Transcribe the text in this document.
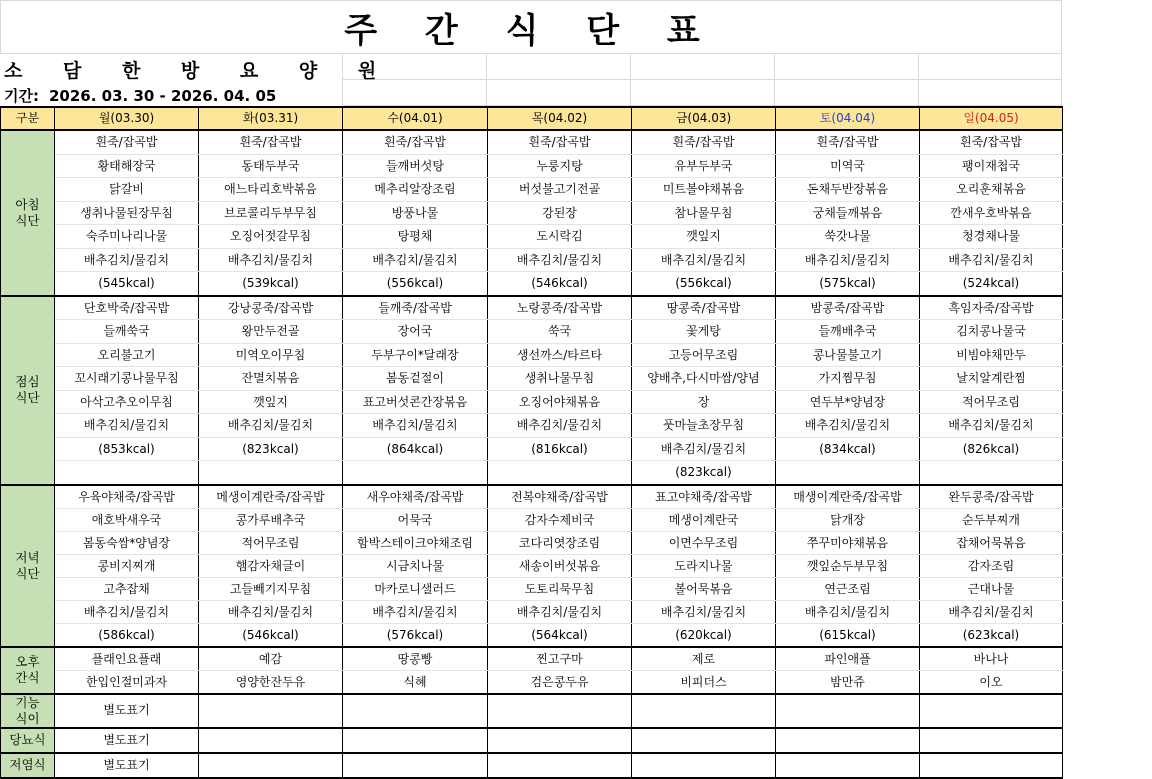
주 간 식 단 표
소 담 한 방 요 양 원
기간: 2026. 03. 30 - 2026. 04. 05
구분	월(03.30)	화(03.31)	수(04.01)	목(04.02)	금(04.03)	토(04.04)	일(04.05)

아침식단	흰죽/잡곡밥	흰죽/잡곡밥	흰죽/잡곡밥	흰죽/잡곡밥	흰죽/잡곡밥	흰죽/잡곡밥	흰죽/잡곡밥
	황태해장국	동태두부국	들깨버섯탕	누룽지탕	유부두부국	미역국	팽이재첩국
	닭갈비	애느타리호박볶음	메추리알장조림	버섯불고기전골	미트볼야채볶음	돈채두반장볶음	오리훈채볶음
	생취나물된장무침	브로콜리두부무침	방풍나물	강된장	참나물무침	궁채들깨볶음	깐새우호박볶음
	숙주미나리나물	오징어젓갈무침	탕평채	도시락김	깻잎지	쑥갓나물	청경채나물
	배추김치/물김치	배추김치/물김치	배추김치/물김치	배추김치/물김치	배추김치/물김치	배추김치/물김치	배추김치/물김치
	(545kcal)	(539kcal)	(556kcal)	(546kcal)	(556kcal)	(575kcal)	(524kcal)

점심식단	단호박죽/잡곡밥	강낭콩죽/잡곡밥	들깨죽/잡곡밥	노랑콩죽/잡곡밥	땅콩죽/잡곡밥	밤콩죽/잡곡밥	흑임자죽/잡곡밥
	들깨쑥국	왕만두전골	장어국	쑥국	꽃게탕	들깨배추국	김치콩나물국
	오리불고기	미역오이무침	두부구이*달래장	생선까스/타르타	고등어무조림	콩나물불고기	비빔야채만두
	꼬시래기콩나물무침	잔멸치볶음	봄동겉절이	생취나물무침	양배추,다시마쌈/양념	가지찜무침	날치알계란찜
	아삭고추오이무침	깻잎지	표고버섯콘간장볶음	오징어야채볶음	장	연두부*양념장	적어무조림
	배추김치/물김치	배추김치/물김치	배추김치/물김치	배추김치/물김치	풋마늘초장무침	배추김치/물김치	배추김치/물김치
	(853kcal)	(823kcal)	(864kcal)	(816kcal)	배추김치/물김치	(834kcal)	(826kcal)
					(823kcal)		

저녁식단	우육야채죽/잡곡밥	메생이계란죽/잡곡밥	새우야채죽/잡곡밥	전복야채죽/잡곡밥	표고야채죽/잡곡밥	매생이계란죽/잡곡밥	완두콩죽/잡곡밥
	애호박새우국	콩가루배추국	어묵국	감자수제비국	메생이계란국	닭개장	순두부찌개
	봄동숙쌈*양념장	적어무조림	함박스테이크야채조림	코다리엿장조림	이면수무조림	쭈꾸미야채볶음	잡채어묵볶음
	콩비지찌개	햄감자채글이	시금치나물	새송이버섯볶음	도라지나물	깻잎순두부무침	감자조림
	고추잡채	고들빼기지무침	마카로니샐러드	도토리묵무침	볼어묵볶음	연근조림	근대나물
	배추김치/물김치	배추김치/물김치	배추김치/물김치	배추김치/물김치	배추김치/물김치	배추김치/물김치	배추김치/물김치
	(586kcal)	(546kcal)	(576kcal)	(564kcal)	(620kcal)	(615kcal)	(623kcal)

오후간식	플래인요플래	예감	땅콩빵	찐고구마	제로	파인애플	바나나
	한입인절미과자	영양한잔두유	식혜	검은콩두유	비피더스	밤만쥬	이오

기능식이	별도표기						

당뇨식	별도표기						

저염식	별도표기						
